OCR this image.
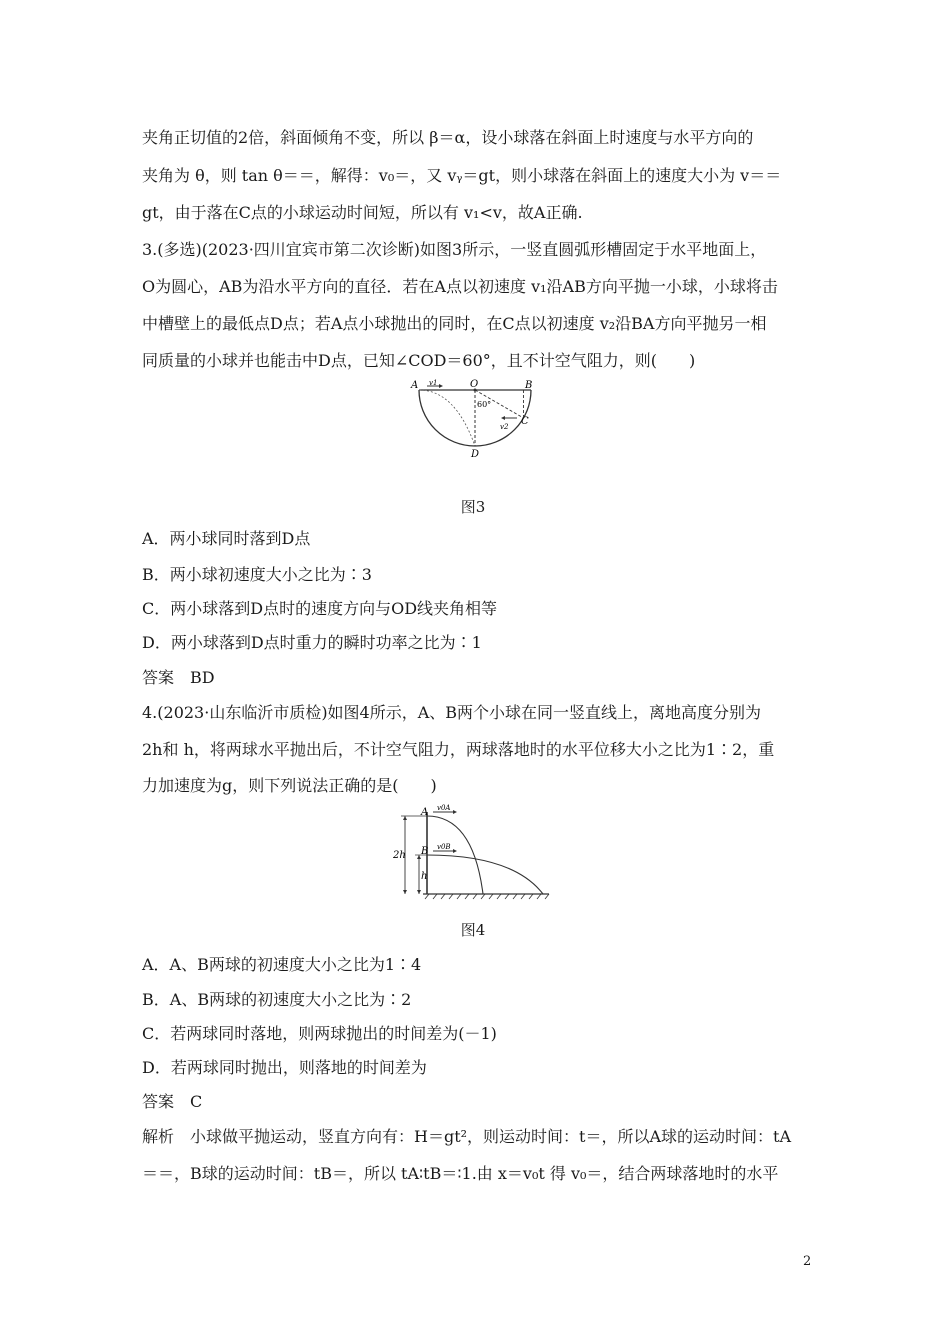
夹角正切值的2倍，斜面倾角不变，所以 β＝α，设小球落在斜面上时速度与水平方向的
夹角为 θ，则 tan θ＝＝，解得：v₀＝，又 vᵧ＝gt，则小球落在斜面上的速度大小为 v＝＝
gt，由于落在C点的小球运动时间短，所以有 v₁<v，故A正确.
3.(多选)(2023·四川宜宾市第二次诊断)如图3所示，一竖直圆弧形槽固定于水平地面上，
O为圆心，AB为沿水平方向的直径．若在A点以初速度 v₁沿AB方向平抛一小球，小球将击
中槽壁上的最低点D点；若A点小球抛出的同时，在C点以初速度 v₂沿BA方向平抛另一相
同质量的小球并也能击中D点，已知∠COD＝60°，且不计空气阻力，则(　　)
A v1	O	B
60°
C
v2
D
图3
A．两小球同时落到D点
B．两小球初速度大小之比为∶3
C．两小球落到D点时的速度方向与OD线夹角相等
D．两小球落到D点时重力的瞬时功率之比为∶1
答案　BD
4.(2023·山东临沂市质检)如图4所示，A、B两个小球在同一竖直线上，离地高度分别为
2h和 h，将两球水平抛出后，不计空气阻力，两球落地时的水平位移大小之比为1∶2，重
力加速度为g，则下列说法正确的是(　　)
A v0A
B v0B
2h
h
图4
A．A、B两球的初速度大小之比为1∶4
B．A、B两球的初速度大小之比为∶2
C．若两球同时落地，则两球抛出的时间差为(－1)
D．若两球同时抛出，则落地的时间差为
答案　C
解析　小球做平抛运动，竖直方向有：H＝gt²，则运动时间：t＝，所以A球的运动时间：tA
＝＝，B球的运动时间：tB＝，所以 tA∶tB＝∶1.由 x＝v₀t 得 v₀＝，结合两球落地时的水平
2
